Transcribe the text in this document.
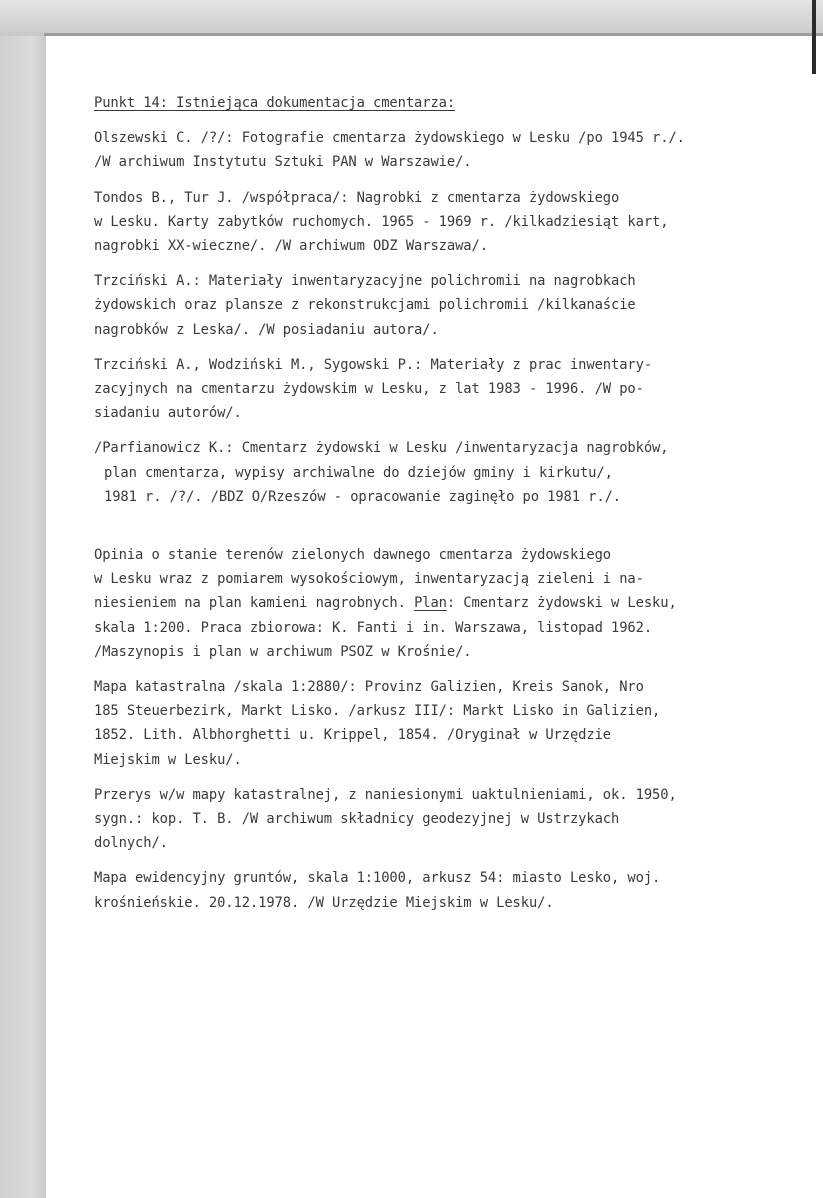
Punkt 14: Istniejąca dokumentacja cmentarza:

Olszewski C. /?/: Fotografie cmentarza żydowskiego w Lesku /po 1945 r./.
/W archiwum Instytutu Sztuki PAN w Warszawie/.

Tondos B., Tur J. /współpraca/: Nagrobki z cmentarza żydowskiego
w Lesku. Karty zabytków ruchomych. 1965 - 1969 r. /kilkadziesiąt kart,
nagrobki XX-wieczne/. /W archiwum ODZ Warszawa/.

Trzciński A.: Materiały inwentaryzacyjne polichromii na nagrobkach
żydowskich oraz plansze z rekonstrukcjami polichromii /kilkanaście
nagrobków z Leska/. /W posiadaniu autora/.

Trzciński A., Wodziński M., Sygowski P.: Materiały z prac inwentary-
zacyjnych na cmentarzu żydowskim w Lesku, z lat 1983 - 1996. /W po-
siadaniu autorów/.

/Parfianowicz K.: Cmentarz żydowski w Lesku /inwentaryzacja nagrobków,

plan cmentarza, wypisy archiwalne do dziejów gminy i kirkutu/,
1981 r. /?/. /BDZ O/Rzeszów - opracowanie zaginęło po 1981 r./.

Opinia o stanie terenów zielonych dawnego cmentarza żydowskiego
w Lesku wraz z pomiarem wysokościowym, inwentaryzacją zieleni i na-
niesieniem na plan kamieni nagrobnych. Plan: Cmentarz żydowski w Lesku,
skala 1:200. Praca zbiorowa: K. Fanti i in. Warszawa, listopad 1962.
/Maszynopis i plan w archiwum PSOZ w Krośnie/.

Mapa katastralna /skala 1:2880/: Provinz Galizien, Kreis Sanok, Nro
185 Steuerbezirk, Markt Lisko. /arkusz III/: Markt Lisko in Galizien,
1852. Lith. Albhorghetti u. Krippel, 1854. /Oryginał w Urzędzie
Miejskim w Lesku/.

Przerys w/w mapy katastralnej, z naniesionymi uaktulnieniami, ok. 1950,
sygn.: kop. T. B. /W archiwum składnicy geodezyjnej w Ustrzykach
dolnych/.

Mapa ewidencyjny gruntów, skala 1:1000, arkusz 54: miasto Lesko, woj.
krośnieńskie. 20.12.1978. /W Urzędzie Miejskim w Lesku/.
